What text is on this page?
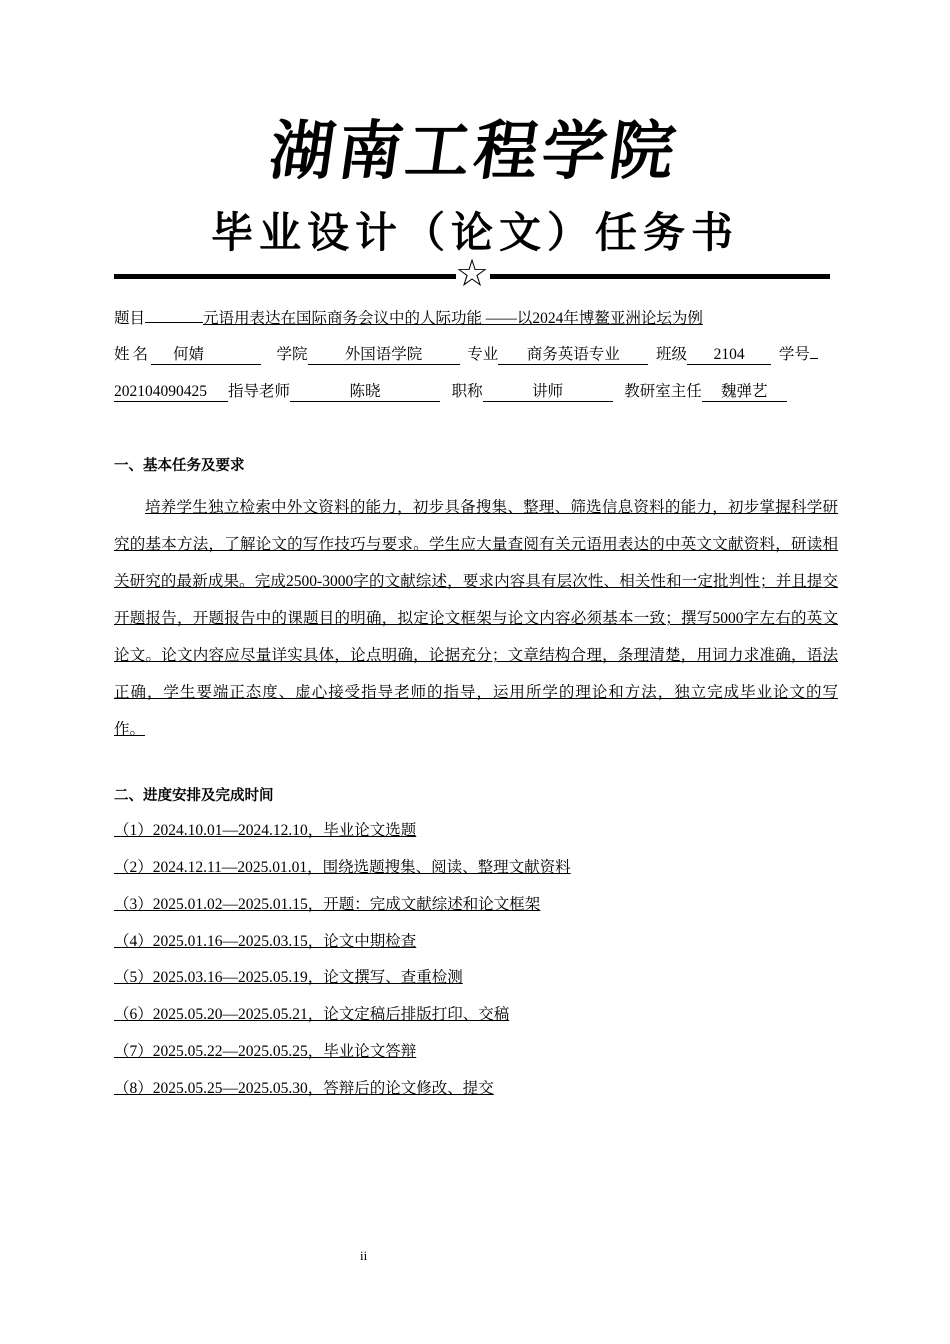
湖南工程学院
毕业设计（论文）任务书
☆
题目	元语用表达在国际商务会议中的人际功能 ——以2024年博鳌亚洲论坛为例
姓名 何婧	学院 外国语学院	专业 商务英语专业 班级 2104 学号
202104090425 指导老师	陈晓	职称	讲师	教研室主任 魏弹艺
一、基本任务及要求
培养学生独立检索中外文资料的能力，初步具备搜集、整理、筛选信息资料的能力，初步掌握科学研究的基本方法，了解论文的写作技巧与要求。学生应大量查阅有关元语用表达的中英文文献资料，研读相关研究的最新成果。完成2500-3000字的文献综述，要求内容具有层次性、相关性和一定批判性；并且提交开题报告，开题报告中的课题目的明确，拟定论文框架与论文内容必须基本一致；撰写5000字左右的英文论文。论文内容应尽量详实具体，论点明确，论据充分；文章结构合理，条理清楚，用词力求准确，语法正确，学生要端正态度、虚心接受指导老师的指导，运用所学的理论和方法，独立完成毕业论文的写作。
二、进度安排及完成时间
（1）2024.10.01—2024.12.10，毕业论文选题
（2）2024.12.11—2025.01.01，围绕选题搜集、阅读、整理文献资料
（3）2025.01.02—2025.01.15，开题：完成文献综述和论文框架
（4）2025.01.16—2025.03.15，论文中期检查
（5）2025.03.16—2025.05.19，论文撰写、查重检测
（6）2025.05.20—2025.05.21，论文定稿后排版打印、交稿
（7）2025.05.22—2025.05.25，毕业论文答辩
（8）2025.05.25—2025.05.30，答辩后的论文修改、提交
ii
